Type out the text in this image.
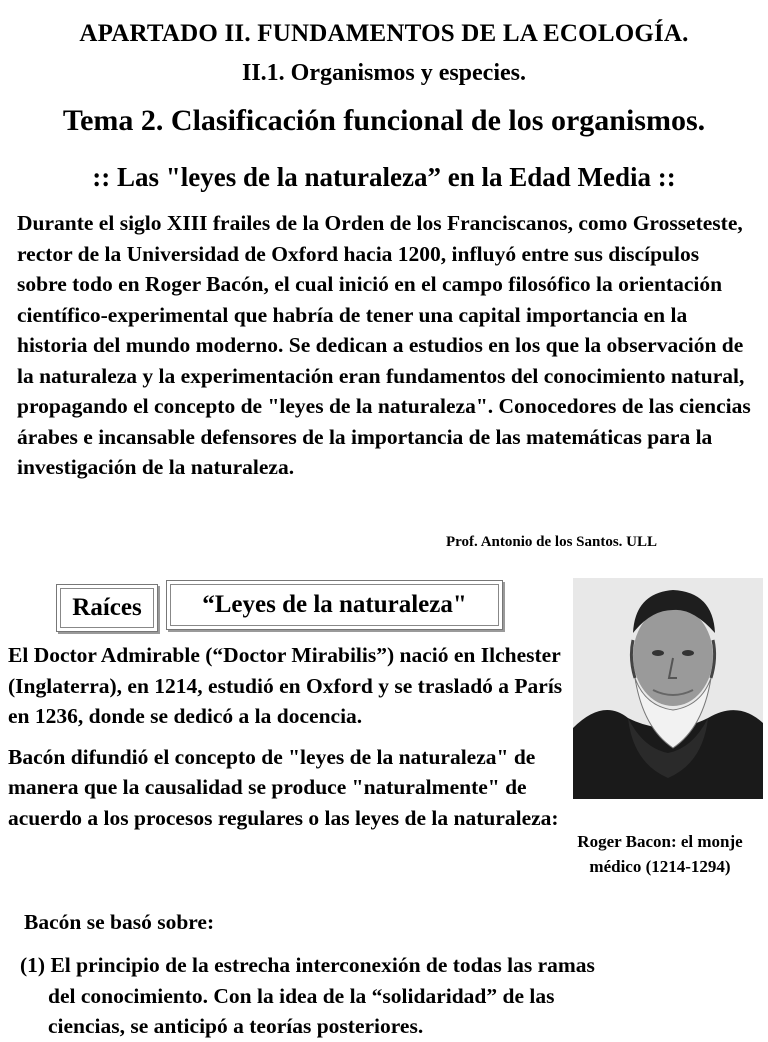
APARTADO II. FUNDAMENTOS DE LA ECOLOGÍA.
II.1. Organismos y especies.
Tema 2. Clasificación funcional de los organismos.
:: Las "leyes de la naturaleza” en la Edad Media ::
Durante el siglo XIII frailes de la Orden de los Franciscanos, como Grosseteste, rector de la Universidad de Oxford hacia 1200, influyó entre sus discípulos sobre todo en Roger Bacón, el cual inició en el campo filosófico la orientación científico-experimental que habría de tener una capital importancia en la historia del mundo moderno. Se dedican a estudios en los que la observación de la naturaleza y la experimentación eran fundamentos del conocimiento natural, propagando el concepto de "leyes de la naturaleza". Conocedores de las ciencias árabes e incansable defensores de la importancia de las matemáticas para la investigación de la naturaleza.
Prof. Antonio de los Santos. ULL
Raíces “Leyes de la naturaleza"

El Doctor Admirable (“Doctor Mirabilis”) nació en Ilchester (Inglaterra), en 1214, estudió en Oxford y se trasladó a París en 1236, donde se dedicó a la docencia.

Bacón difundió el concepto de "leyes de la naturaleza" de manera que la causalidad se produce "naturalmente" de acuerdo a los procesos regulares o las leyes de la naturaleza:

Roger Bacon: el monje médico (1214-1294)
Bacón se basó sobre:
(1) El principio de la estrecha interconexión de todas las ramas
del conocimiento. Con la idea de la “solidaridad” de las
ciencias, se anticipó a teorías posteriores.
